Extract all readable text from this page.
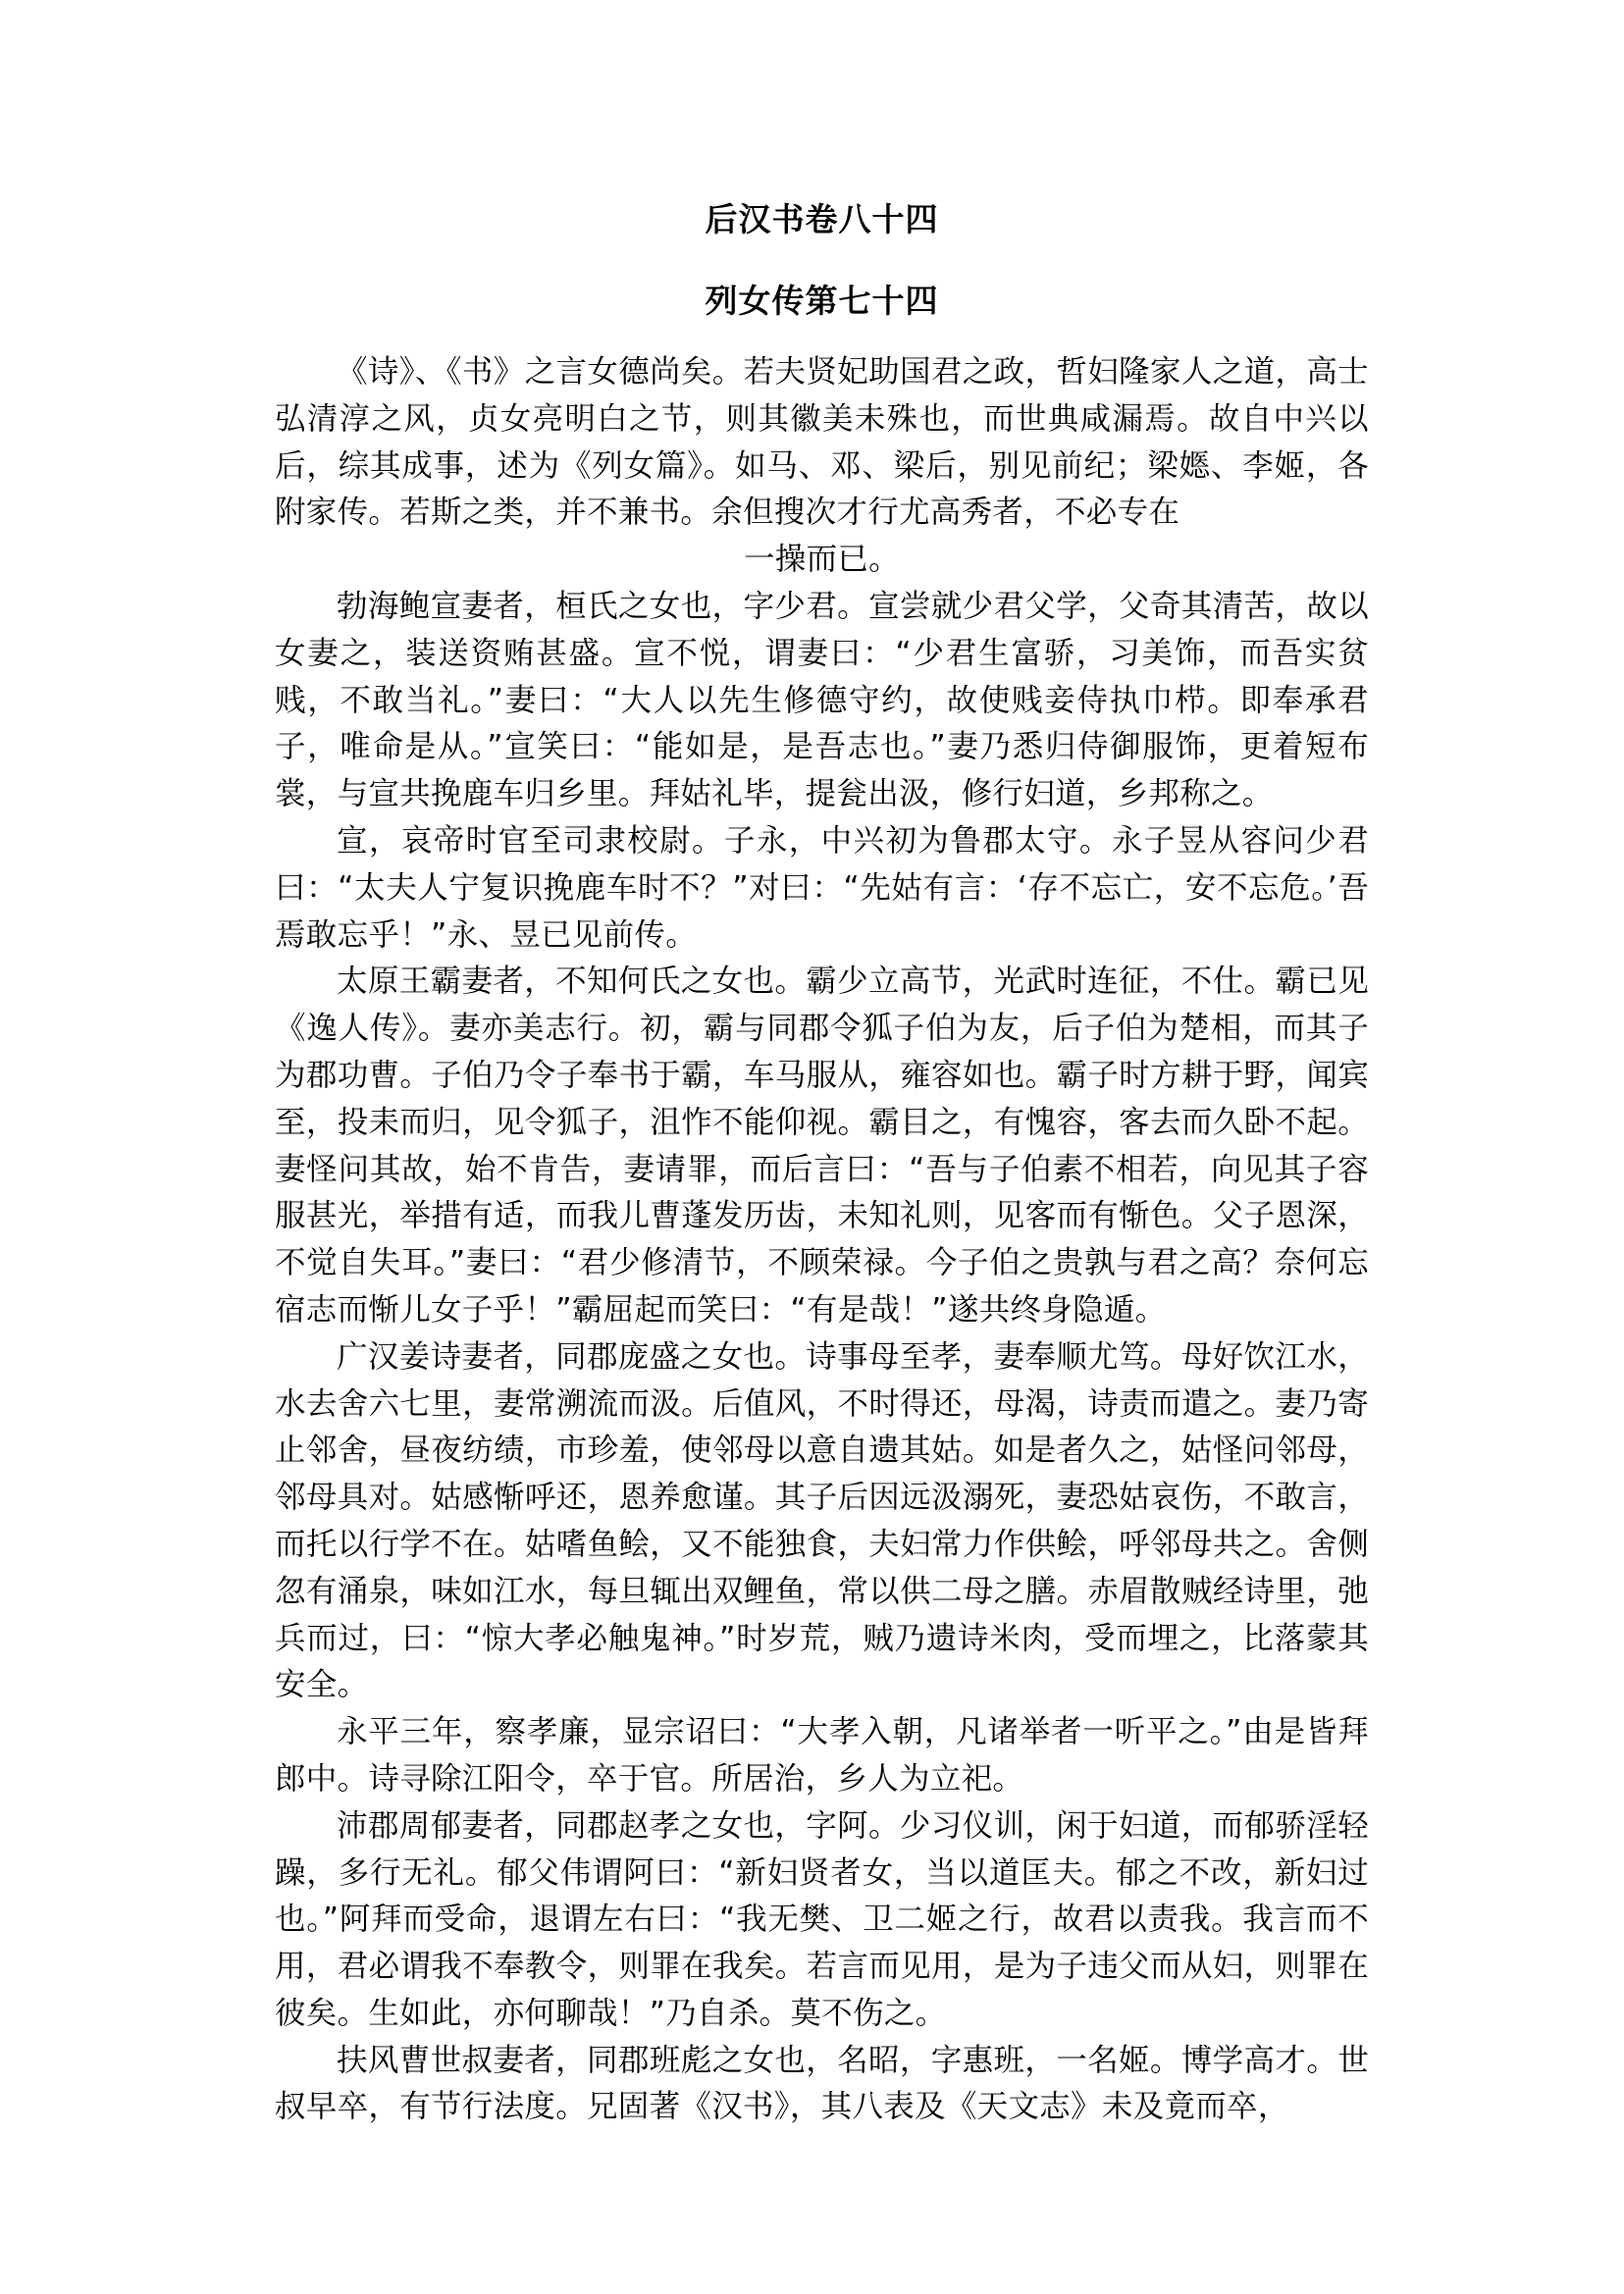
后汉书卷八十四
列女传第七十四

《诗》、《书》之言女德尚矣。若夫贤妃助国君之政，哲妇隆家人之道，高士弘清淳之风，贞女亮明白之节，则其徽美未殊也，而世典咸漏焉。故自中兴以后，综其成事，述为《列女篇》。如马、邓、梁后，别见前纪；梁嫕、李姬，各附家传。若斯之类，并不兼书。余但搜次才行尤高秀者，不必专在

一操而已。

勃海鲍宣妻者，桓氏之女也，字少君。宣尝就少君父学，父奇其清苦，故以女妻之，装送资贿甚盛。宣不悦，谓妻曰：“少君生富骄，习美饰，而吾实贫贱，不敢当礼。”妻曰：“大人以先生修德守约，故使贱妾侍执巾栉。即奉承君子，唯命是从。”宣笑曰：“能如是，是吾志也。”妻乃悉归侍御服饰，更着短布裳，与宣共挽鹿车归乡里。拜姑礼毕，提瓮出汲，修行妇道，乡邦称之。

宣，哀帝时官至司隶校尉。子永，中兴初为鲁郡太守。永子昱从容问少君曰：“太夫人宁复识挽鹿车时不？”对曰：“先姑有言：‘存不忘亡，安不忘危。’吾焉敢忘乎！”永、昱已见前传。

太原王霸妻者，不知何氏之女也。霸少立高节，光武时连征，不仕。霸已见《逸人传》。妻亦美志行。初，霸与同郡令狐子伯为友，后子伯为楚相，而其子为郡功曹。子伯乃令子奉书于霸，车马服从，雍容如也。霸子时方耕于野，闻宾至，投耒而归，见令狐子，沮怍不能仰视。霸目之，有愧容，客去而久卧不起。妻怪问其故，始不肯告，妻请罪，而后言曰：“吾与子伯素不相若，向见其子容服甚光，举措有适，而我儿曹蓬发历齿，未知礼则，见客而有惭色。父子恩深，不觉自失耳。”妻曰：“君少修清节，不顾荣禄。今子伯之贵孰与君之高？奈何忘宿志而惭儿女子乎！”霸屈起而笑曰：“有是哉！”遂共终身隐遁。

广汉姜诗妻者，同郡庞盛之女也。诗事母至孝，妻奉顺尤笃。母好饮江水，水去舍六七里，妻常溯流而汲。后值风，不时得还，母渴，诗责而遣之。妻乃寄止邻舍，昼夜纺绩，市珍羞，使邻母以意自遗其姑。如是者久之，姑怪问邻母，邻母具对。姑感惭呼还，恩养愈谨。其子后因远汲溺死，妻恐姑哀伤，不敢言，而托以行学不在。姑嗜鱼鲙，又不能独食，夫妇常力作供鲙，呼邻母共之。舍侧忽有涌泉，味如江水，每旦辄出双鲤鱼，常以供二母之膳。赤眉散贼经诗里，弛兵而过，曰：“惊大孝必触鬼神。”时岁荒，贼乃遗诗米肉，受而埋之，比落蒙其安全。

永平三年，察孝廉，显宗诏曰：“大孝入朝，凡诸举者一听平之。”由是皆拜郎中。诗寻除江阳令，卒于官。所居治，乡人为立祀。

沛郡周郁妻者，同郡赵孝之女也，字阿。少习仪训，闲于妇道，而郁骄淫轻躁，多行无礼。郁父伟谓阿曰：“新妇贤者女，当以道匡夫。郁之不改，新妇过也。”阿拜而受命，退谓左右曰：“我无樊、卫二姬之行，故君以责我。我言而不用，君必谓我不奉教令，则罪在我矣。若言而见用，是为子违父而从妇，则罪在彼矣。生如此，亦何聊哉！”乃自杀。莫不伤之。

扶风曹世叔妻者，同郡班彪之女也，名昭，字惠班，一名姬。博学高才。世叔早卒，有节行法度。兄固著《汉书》，其八表及《天文志》未及竟而卒，
